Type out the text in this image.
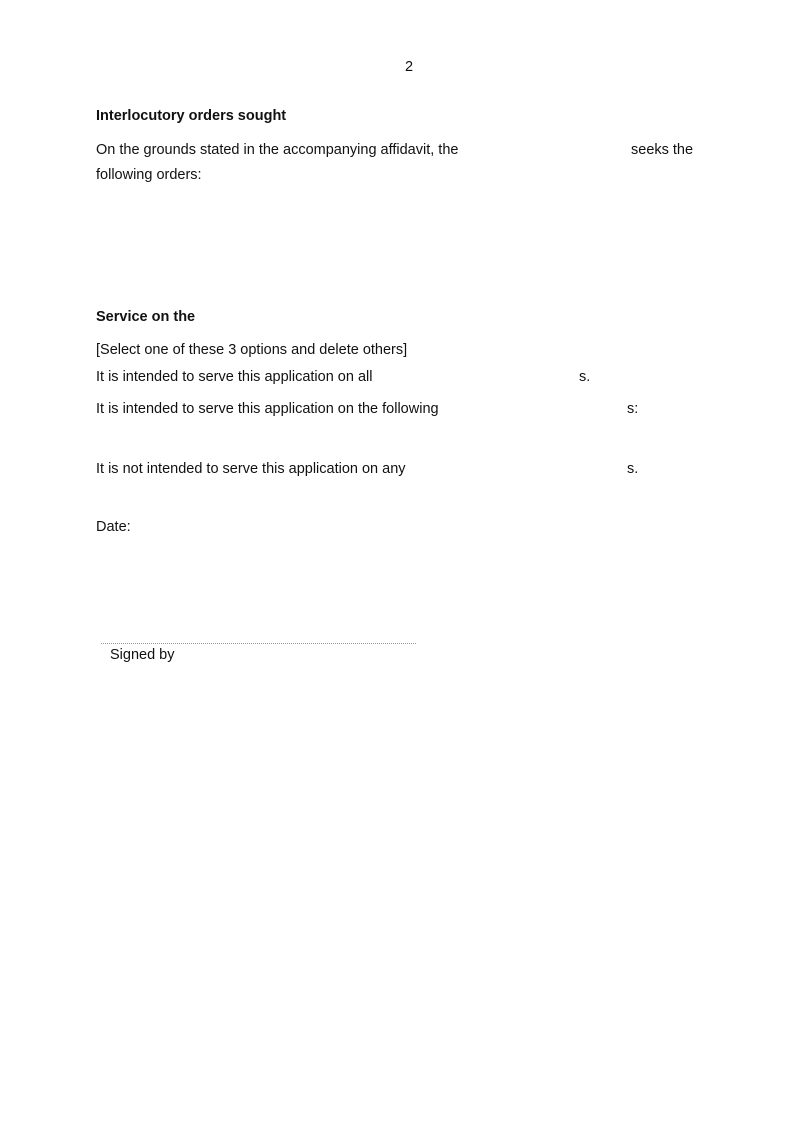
2
Interlocutory orders sought
On the grounds stated in the accompanying affidavit, the	seeks the
following orders:
Service on the
[Select one of these 3 options and delete others]
It is intended to serve this application on all	s.
It is intended to serve this application on the following	s:
It is not intended to serve this application on any	s.
Date:
Signed by
